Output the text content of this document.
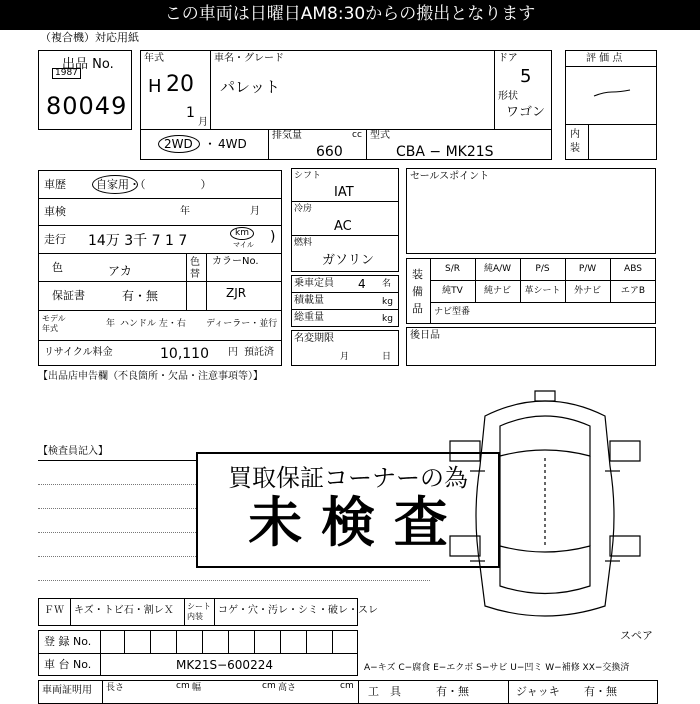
この車両は日曜日AM8:30からの搬出となります
（複合機）対応用紙
出品 No.
1987
80049
年式
H 20
1
月
車名・グレード
パレット
ドア
5
形状
ワゴン
2WD ・ 4WD
排気量	cc
660
型式
CBA − MK21S
評 価 点
内装
車歴	自家用・（　　　　　）
車検	年	月
走行 14万 3千 7 1 7	km
マイル )
色	アカ
色替
カラーNo.
ZJR
保証書	有・無
モデル年式	年 ハンドル 左・右 ディーラー・並行
リサイクル料金	10,110 円 預託済
【出品店申告欄（不良箇所・欠品・注意事項等）】
シフト
IAT
冷房
AC
燃料
ガソリン
乗車定員 4 名
積載量	kg
総重量	kg
名変期限
月	日
セールスポイント
装備品
S/R	純A/W	P/S	P/W	ABS
純TV	純ナビ	革シート	外ナビ	エアB
ナビ型番
後日品
【検査員記入】
買取保証コーナーの為
未 検 査
ＦＷ キズ・トビ石・割レＸ シート内装
コゲ・穴・汚レ・シミ・破レ・スレ
登 録 No.
車 台 No.	MK21S−600224
スペア
A−キズ C−腐食 E−エクボ S−サビ U−凹ミ W−補修 XX−交換済
車両証明用 長さ	cm 幅	cm 高さ	cm 工　具	有・無	ジャッキ 有・無
